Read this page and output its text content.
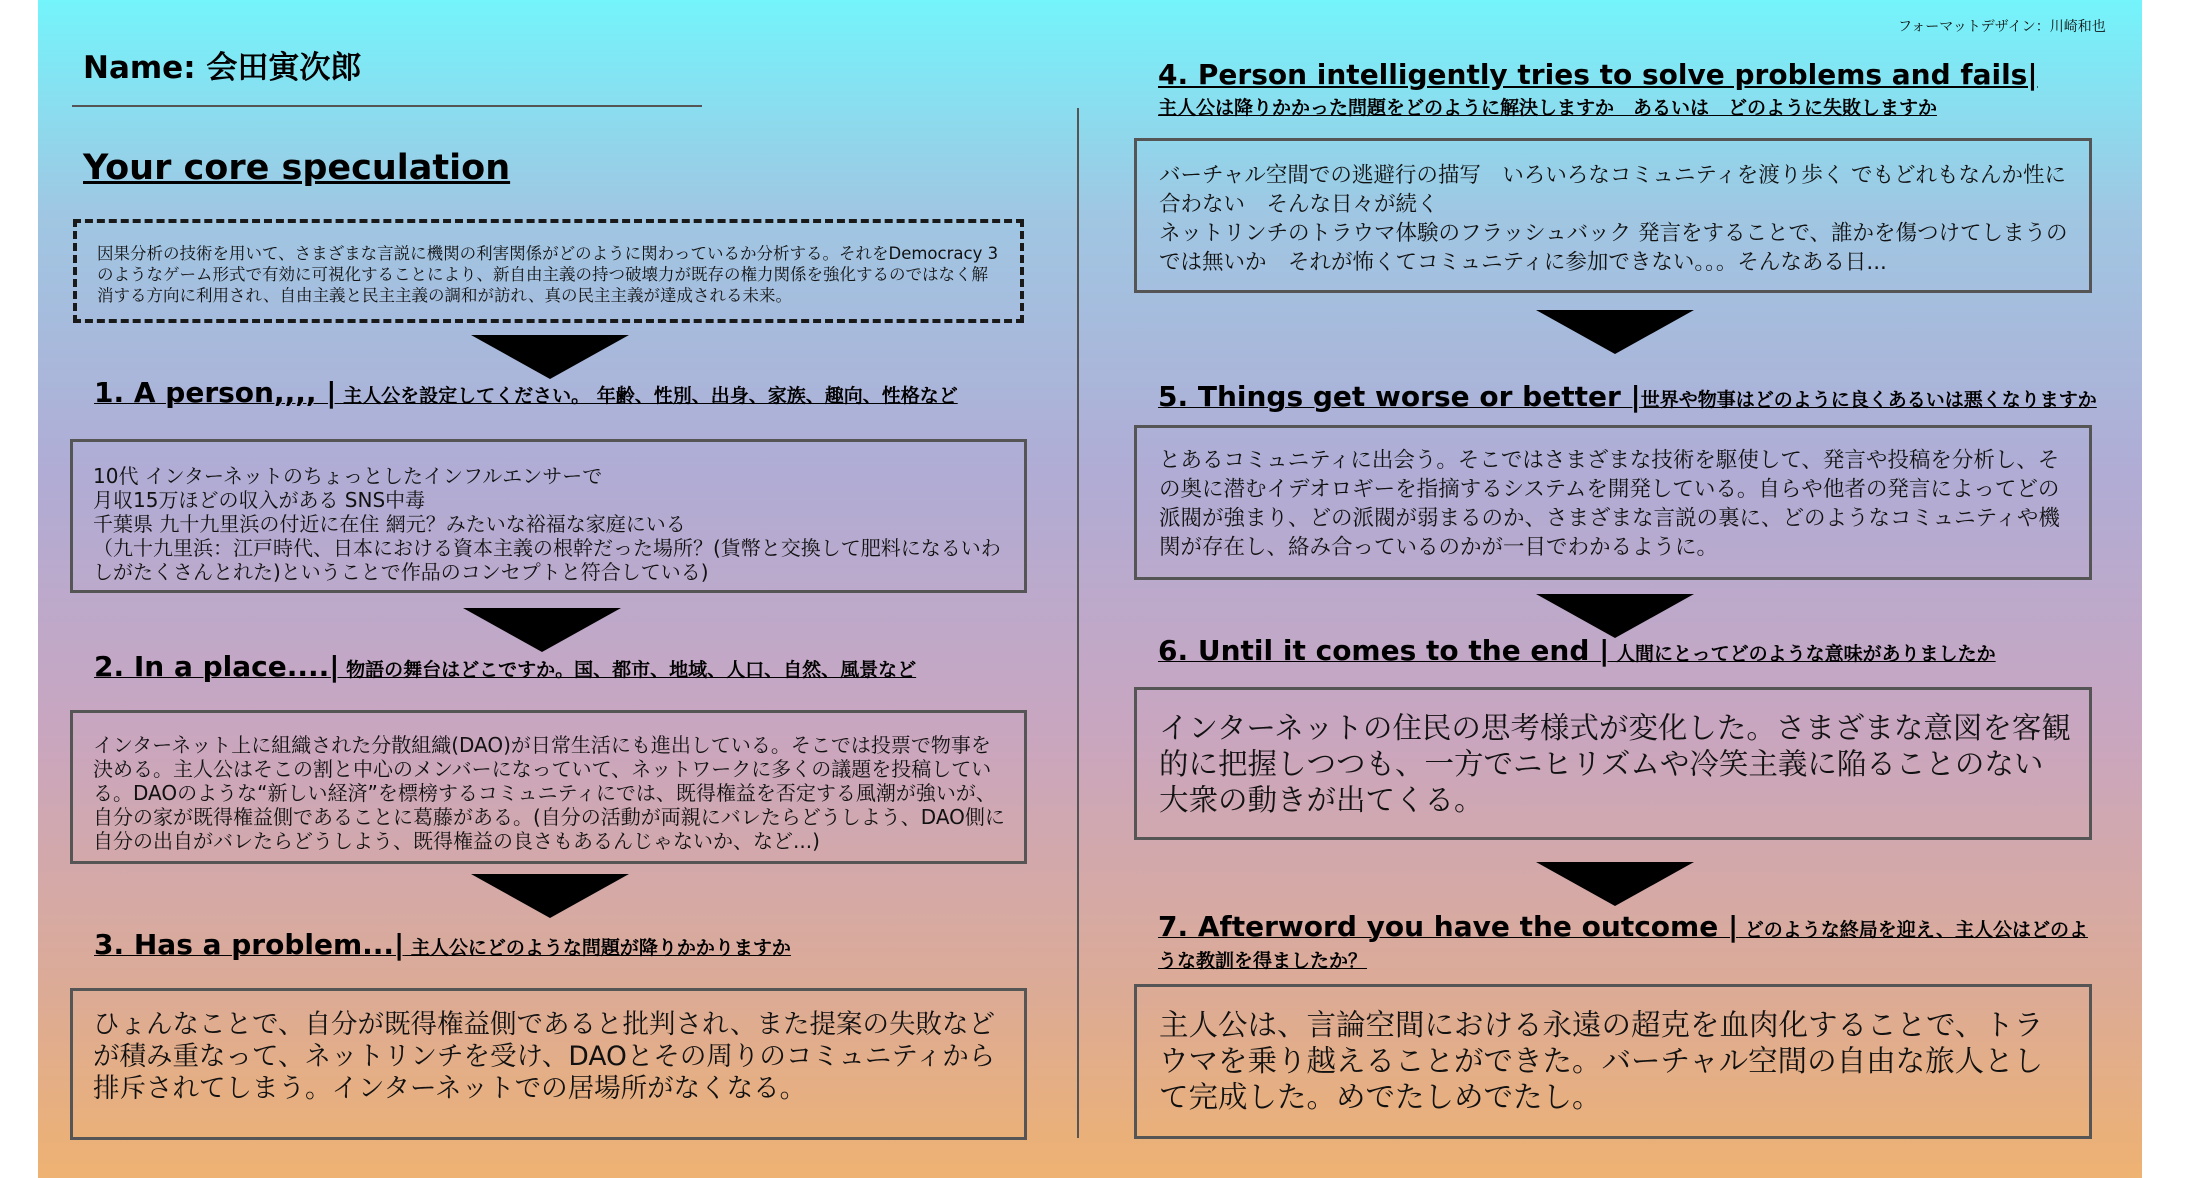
フォーマットデザイン：川崎和也
Name: 会田寅次郎
Your core speculation
因果分析の技術を用いて、さまざまな言説に機関の利害関係がどのように関わっているか分析する。それをDemocracy 3のようなゲーム形式で有効に可視化することにより、新自由主義の持つ破壊力が既存の権力関係を強化するのではなく解消する方向に利用され、自由主義と民主主義の調和が訪れ、真の民主主義が達成される未来。
1. A person,,,, | 主人公を設定してください。 年齢、性別、出身、家族、趣向、性格など

10代 インターネットのちょっとしたインフルエンサーで
月収15万ほどの収入がある SNS中毒
千葉県 九十九里浜の付近に在住 網元？みたいな裕福な家庭にいる
（九十九里浜：江戸時代、日本における資本主義の根幹だった場所？(貨幣と交換して肥料になるいわしがたくさんとれた)ということで作品のコンセプトと符合している)

2. In a place....| 物語の舞台はどこですか。国、都市、地域、人口、自然、風景など

インターネット上に組織された分散組織(DAO)が日常生活にも進出している。そこでは投票で物事を決める。主人公はそこの割と中心のメンバーになっていて、ネットワークに多くの議題を投稿している。DAOのような“新しい経済”を標榜するコミュニティにでは、既得権益を否定する風潮が強いが、自分の家が既得権益側であることに葛藤がある。(自分の活動が両親にバレたらどうしよう、DAO側に自分の出自がバレたらどうしよう、既得権益の良さもあるんじゃないか、など...)

3. Has a problem...| 主人公にどのような問題が降りかかりますか

ひょんなことで、自分が既得権益側であると批判され、また提案の失敗などが積み重なって、ネットリンチを受け、DAOとその周りのコミュニティから排斥されてしまう。インターネットでの居場所がなくなる。

4. Person intelligently tries to solve problems and fails|
主人公は降りかかった問題をどのように解決しますか　あるいは　どのように失敗しますか

バーチャル空間での逃避行の描写　いろいろなコミュニティを渡り歩く でもどれもなんか性に合わない　そんな日々が続く
ネットリンチのトラウマ体験のフラッシュバック 発言をすることで、誰かを傷つけてしまうのでは無いか　それが怖くてコミュニティに参加できない。。。そんなある日...

5. Things get worse or better |世界や物事はどのように良くあるいは悪くなりますか

とあるコミュニティに出会う。そこではさまざまな技術を駆使して、発言や投稿を分析し、その奥に潜むイデオロギーを指摘するシステムを開発している。自らや他者の発言によってどの派閥が強まり、どの派閥が弱まるのか、さまざまな言説の裏に、どのようなコミュニティや機関が存在し、絡み合っているのかが一目でわかるように。

6. Until it comes to the end | 人間にとってどのような意味がありましたか

インターネットの住民の思考様式が変化した。さまざまな意図を客観的に把握しつつも、一方でニヒリズムや冷笑主義に陥ることのない大衆の動きが出てくる。

7. Afterword you have the outcome | どのような終局を迎え、主人公はどのような教訓を得ましたか？

主人公は、言論空間における永遠の超克を血肉化することで、トラウマを乗り越えることができた。バーチャル空間の自由な旅人として完成した。めでたしめでたし。
